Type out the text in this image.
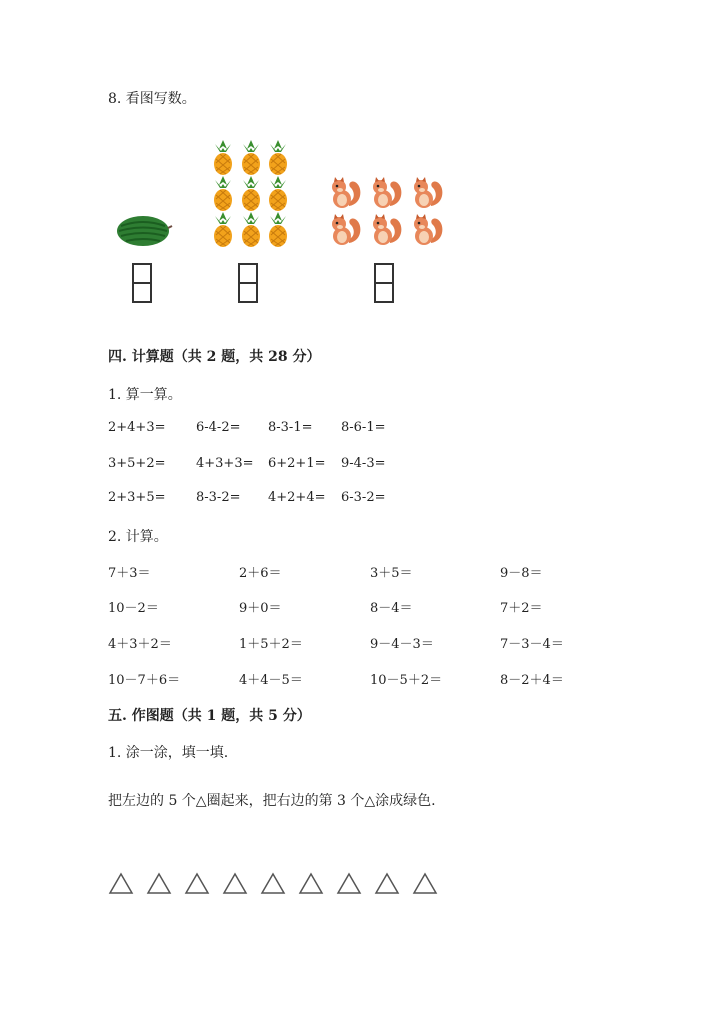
8. 看图写数。
四. 计算题（共 2 题，共 28 分）
1. 算一算。
2+4+3= 6-4-2= 8-3-1= 8-6-1=
3+5+2= 4+3+3= 6+2+1= 9-4-3=
2+3+5= 8-3-2= 4+2+4= 6-3-2=
2. 计算。
7＋3＝	2＋6＝	3＋5＝	9－8＝
10－2＝	9＋0＝	8－4＝	7＋2＝
4＋3＋2＝	1＋5＋2＝	9－4－3＝	7－3－4＝
10－7＋6＝	4＋4－5＝	10－5＋2＝	8－2＋4＝
五. 作图题（共 1 题，共 5 分）
1. 涂一涂，填一填.
把左边的 5 个△圈起来，把右边的第 3 个△涂成绿色.
